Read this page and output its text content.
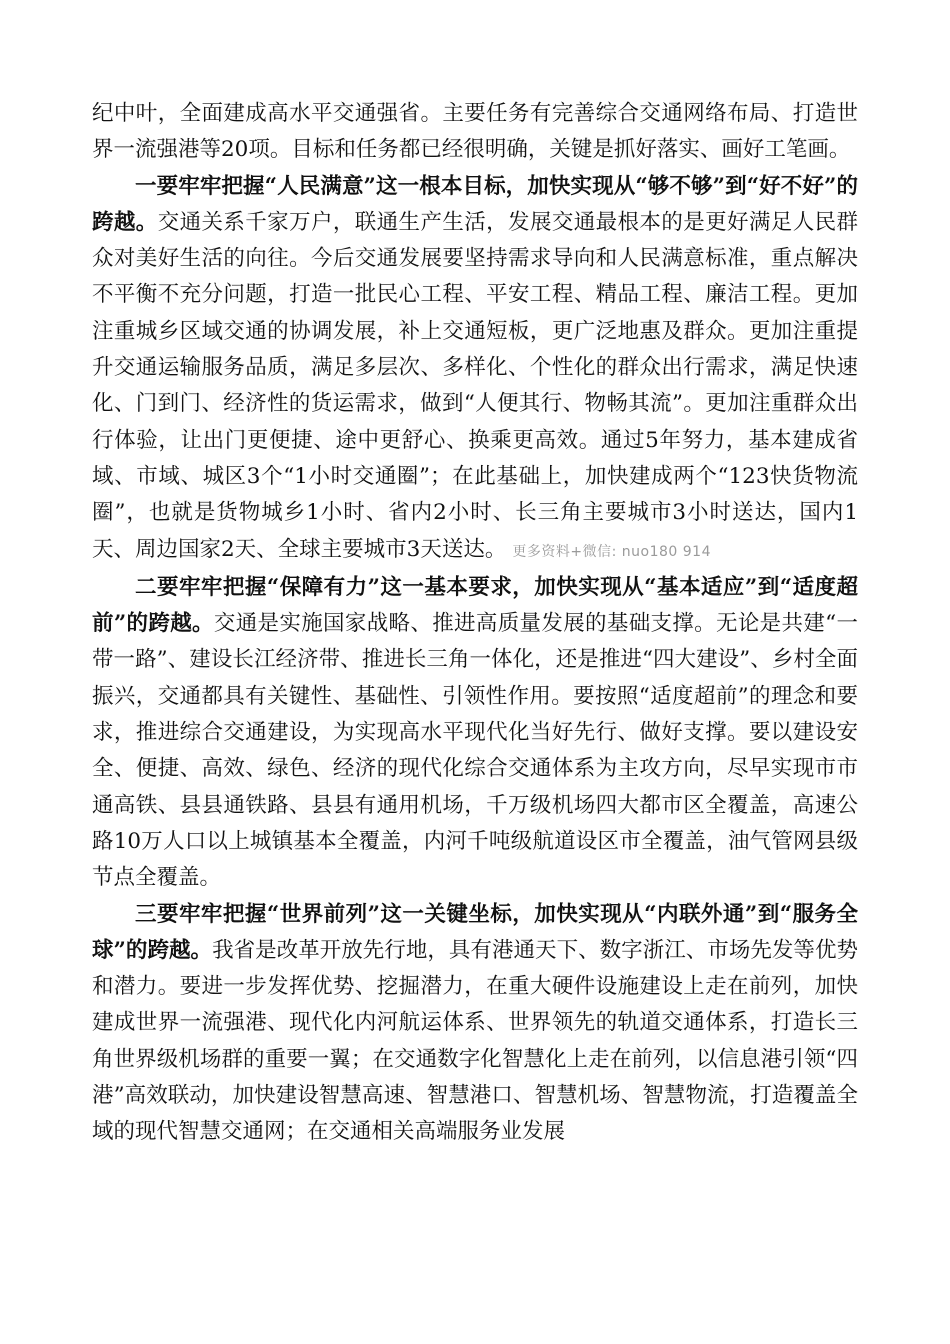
纪中叶，全面建成高水平交通强省。主要任务有完善综合交通网络布局、打造世界一流强港等20项。目标和任务都已经很明确，关键是抓好落实、画好工笔画。

一要牢牢把握“人民满意”这一根本目标，加快实现从“够不够”到“好不好”的跨越。交通关系千家万户，联通生产生活，发展交通最根本的是更好满足人民群众对美好生活的向往。今后交通发展要坚持需求导向和人民满意标准，重点解决不平衡不充分问题，打造一批民心工程、平安工程、精品工程、廉洁工程。更加注重城乡区域交通的协调发展，补上交通短板，更广泛地惠及群众。更加注重提升交通运输服务品质，满足多层次、多样化、个性化的群众出行需求，满足快速化、门到门、经济性的货运需求，做到“人便其行、物畅其流”。更加注重群众出行体验，让出门更便捷、途中更舒心、换乘更高效。通过5年努力，基本建成省域、市域、城区3个“1小时交通圈”；在此基础上，加快建成两个“123快货物流圈”，也就是货物城乡1小时、省内2小时、长三角主要城市3小时送达，国内1天、周边国家2天、全球主要城市3天送达。 更多资料+微信: nuo180 914

二要牢牢把握“保障有力”这一基本要求，加快实现从“基本适应”到“适度超前”的跨越。交通是实施国家战略、推进高质量发展的基础支撑。无论是共建“一带一路”、建设长江经济带、推进长三角一体化，还是推进“四大建设”、乡村全面振兴，交通都具有关键性、基础性、引领性作用。要按照“适度超前”的理念和要求，推进综合交通建设，为实现高水平现代化当好先行、做好支撑。要以建设安全、便捷、高效、绿色、经济的现代化综合交通体系为主攻方向，尽早实现市市通高铁、县县通铁路、县县有通用机场，千万级机场四大都市区全覆盖，高速公路10万人口以上城镇基本全覆盖，内河千吨级航道设区市全覆盖，油气管网县级节点全覆盖。

三要牢牢把握“世界前列”这一关键坐标，加快实现从“内联外通”到“服务全球”的跨越。我省是改革开放先行地，具有港通天下、数字浙江、市场先发等优势和潜力。要进一步发挥优势、挖掘潜力，在重大硬件设施建设上走在前列，加快建成世界一流强港、现代化内河航运体系、世界领先的轨道交通体系，打造长三角世界级机场群的重要一翼；在交通数字化智慧化上走在前列，以信息港引领“四港”高效联动，加快建设智慧高速、智慧港口、智慧机场、智慧物流，打造覆盖全域的现代智慧交通网；在交通相关高端服务业发展
